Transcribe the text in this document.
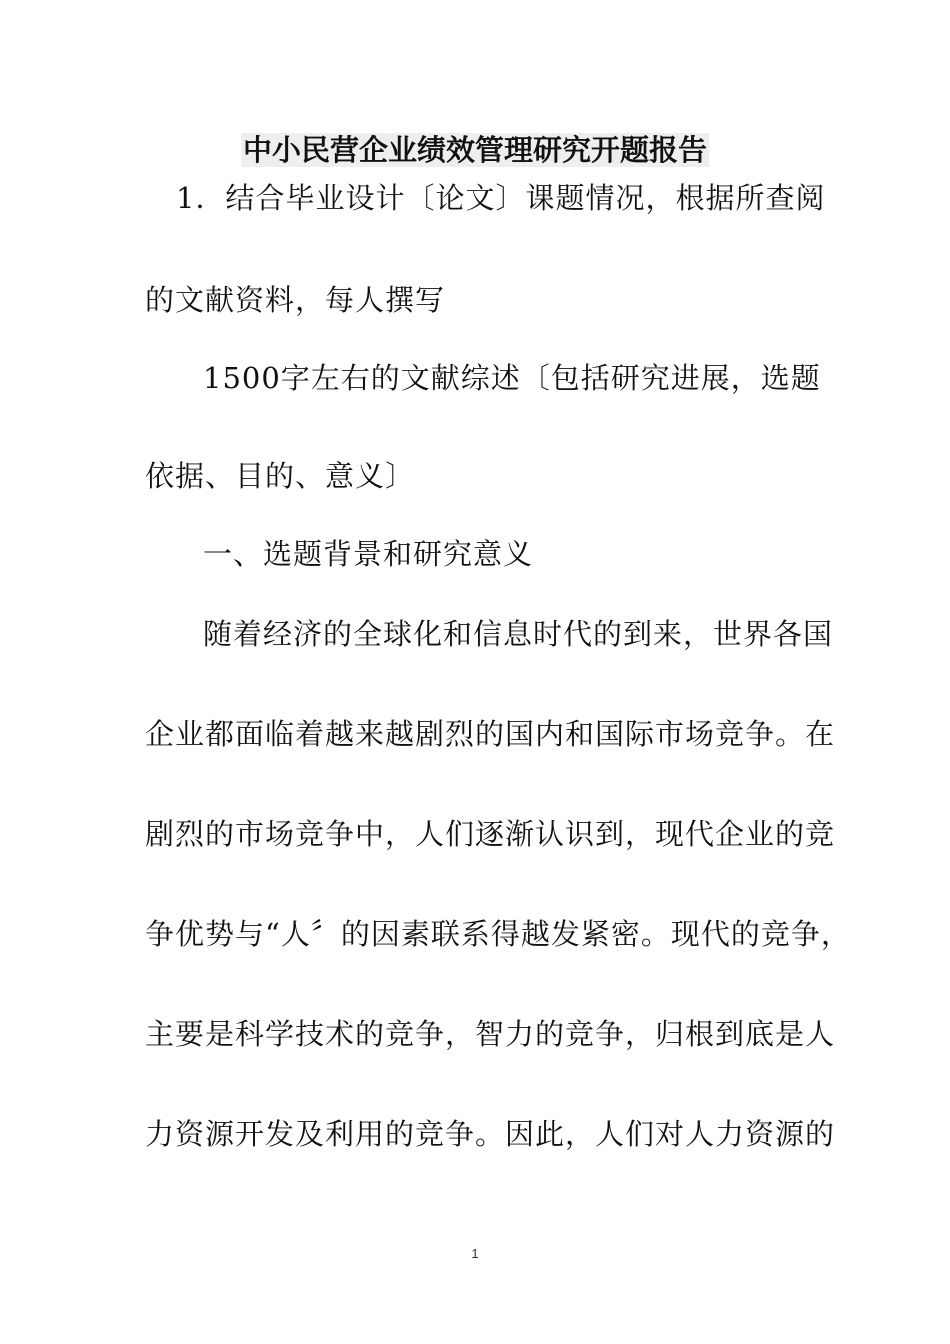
中小民营企业绩效管理研究开题报告
1．结合毕业设计〔论文〕课题情况，根据所查阅
的文献资料，每人撰写
1500字左右的文献综述〔包括研究进展，选题
依据、目的、意义〕
一、选题背景和研究意义
随着经济的全球化和信息时代的到来，世界各国
企业都面临着越来越剧烈的国内和国际市场竞争。在
剧烈的市场竞争中，人们逐渐认识到，现代企业的竞
争优势与“人〞的因素联系得越发紧密。现代的竞争，
主要是科学技术的竞争，智力的竞争，归根到底是人
力资源开发及利用的竞争。因此，人们对人力资源的
1
